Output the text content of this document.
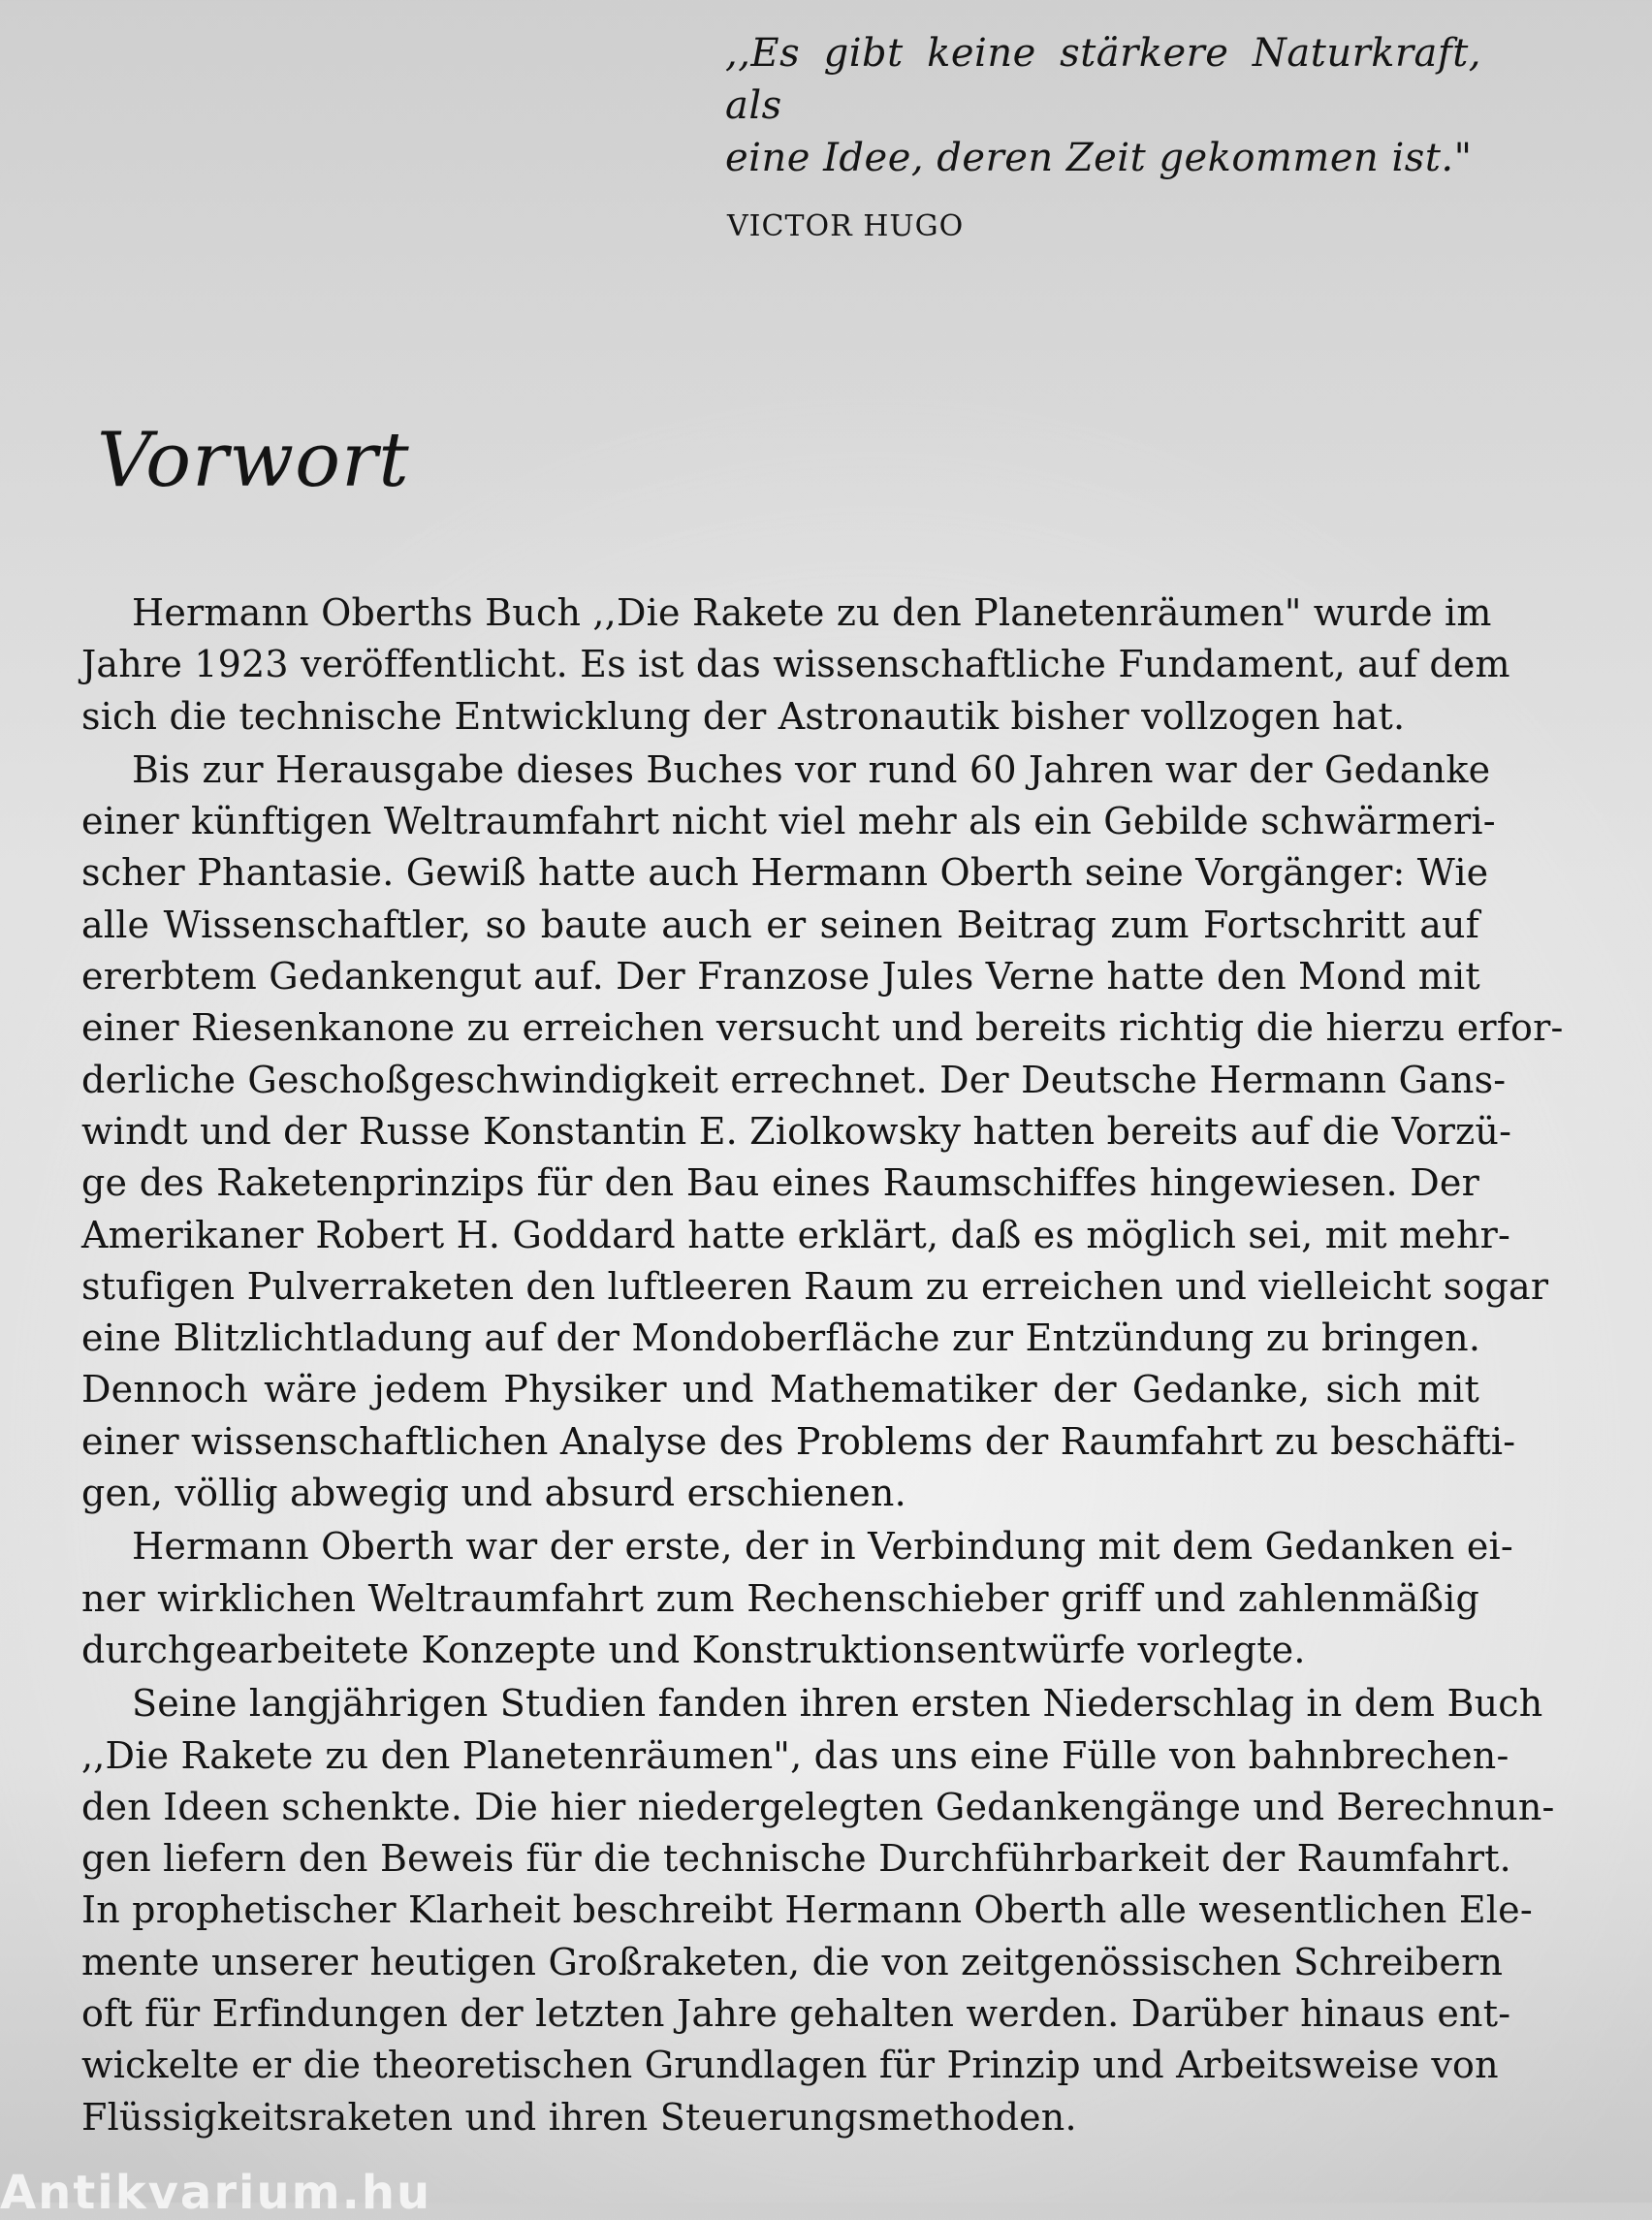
,,Es gibt keine stärkere Naturkraft, als
eine Idee, deren Zeit gekommen ist."

VICTOR HUGO
Vorwort
Hermann Oberths Buch ,,Die Rakete zu den Planetenräumen" wurde im
Jahre 1923 veröffentlicht. Es ist das wissenschaftliche Fundament, auf dem
sich die technische Entwicklung der Astronautik bisher vollzogen hat.
Bis zur Herausgabe dieses Buches vor rund 60 Jahren war der Gedanke
einer künftigen Weltraumfahrt nicht viel mehr als ein Gebilde schwärmeri-
scher Phantasie. Gewiß hatte auch Hermann Oberth seine Vorgänger: Wie
alle Wissenschaftler, so baute auch er seinen Beitrag zum Fortschritt auf
ererbtem Gedankengut auf. Der Franzose Jules Verne hatte den Mond mit
einer Riesenkanone zu erreichen versucht und bereits richtig die hierzu erfor-
derliche Geschoßgeschwindigkeit errechnet. Der Deutsche Hermann Gans-
windt und der Russe Konstantin E. Ziolkowsky hatten bereits auf die Vorzü-
ge des Raketenprinzips für den Bau eines Raumschiffes hingewiesen. Der
Amerikaner Robert H. Goddard hatte erklärt, daß es möglich sei, mit mehr-
stufigen Pulverraketen den luftleeren Raum zu erreichen und vielleicht sogar
eine Blitzlichtladung auf der Mondoberfläche zur Entzündung zu bringen.
Dennoch wäre jedem Physiker und Mathematiker der Gedanke, sich mit
einer wissenschaftlichen Analyse des Problems der Raumfahrt zu beschäfti-
gen, völlig abwegig und absurd erschienen.
Hermann Oberth war der erste, der in Verbindung mit dem Gedanken ei-
ner wirklichen Weltraumfahrt zum Rechenschieber griff und zahlenmäßig
durchgearbeitete Konzepte und Konstruktionsentwürfe vorlegte.
Seine langjährigen Studien fanden ihren ersten Niederschlag in dem Buch
,,Die Rakete zu den Planetenräumen", das uns eine Fülle von bahnbrechen-
den Ideen schenkte. Die hier niedergelegten Gedankengänge und Berechnun-
gen liefern den Beweis für die technische Durchführbarkeit der Raumfahrt.
In prophetischer Klarheit beschreibt Hermann Oberth alle wesentlichen Ele-
mente unserer heutigen Großraketen, die von zeitgenössischen Schreibern
oft für Erfindungen der letzten Jahre gehalten werden. Darüber hinaus ent-
wickelte er die theoretischen Grundlagen für Prinzip und Arbeitsweise von
Flüssigkeitsraketen und ihren Steuerungsmethoden.
Antikvarium.hu
